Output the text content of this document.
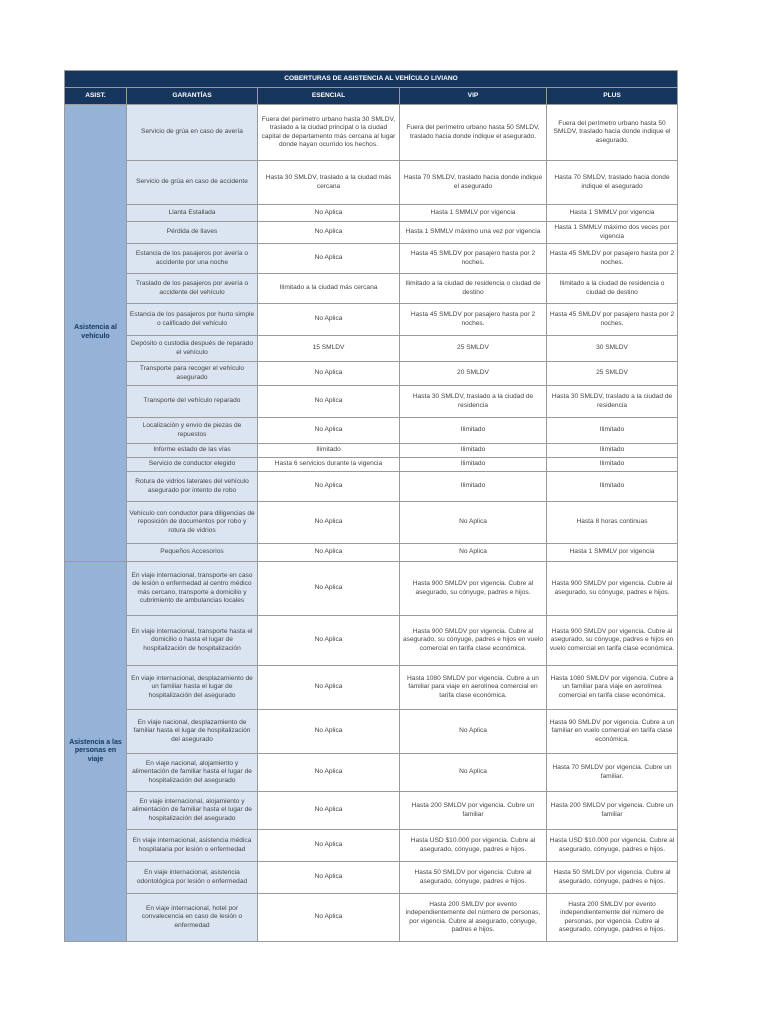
COBERTURAS DE ASISTENCIA AL VEHÍCULO LIVIANO				
ASIST.	GARANTÍAS	ESENCIAL	VIP	PLUS
Asistencia al vehículo	Servicio de grúa en caso de avería	Fuera del perímetro urbano hasta 30 SMLDV, traslado a la ciudad principal o la ciudad capital de departamento más cercana al lugar donde hayan ocurrido los hechos.	Fuera del perímetro urbano hasta 50 SMLDV, traslado hacia donde indique el asegurado.	Fuera del perímetro urbano hasta 50 SMLDV, traslado hacia donde indique el asegurado.
	Servicio de grúa en caso de accidente	Hasta 30 SMLDV, traslado a la ciudad más cercana	Hasta 70 SMLDV, traslado hacia donde indique el asegurado	Hasta 70 SMLDV, traslado hacia donde indique el asegurado
	Llanta Estallada	No Aplica	Hasta 1 SMMLV por vigencia	Hasta 1 SMMLV por vigencia
	Pérdida de llaves	No Aplica	Hasta 1 SMMLV máximo una vez por vigencia	Hasta 1 SMMLV máximo dos veces por vigencia
	Estancia de los pasajeros por avería o accidente por una noche	No Aplica	Hasta 45 SMLDV por pasajero hasta por 2 noches.	Hasta 45 SMLDV por pasajero hasta por 2 noches.
	Traslado de los pasajeros por avería o accidente del vehículo	Ilimitado a la ciudad más cercana	Ilimitado a la ciudad de residencia o ciudad de destino	Ilimitado a la ciudad de residencia o ciudad de destino
	Estancia de los pasajeros por hurto simple o calificado del vehículo	No Aplica	Hasta 45 SMLDV por pasajero hasta por 2 noches.	Hasta 45 SMLDV por pasajero hasta por 2 noches.
	Depósito o custodia después de reparado el vehículo	15 SMLDV	25 SMLDV	30 SMLDV
	Transporte para recoger el vehículo asegurado	No Aplica	20 SMLDV	25 SMLDV
	Transporte del vehículo reparado	No Aplica	Hasta 30 SMLDV, traslado a la ciudad de residencia	Hasta 30 SMLDV, traslado a la ciudad de residencia
	Localización y envío de piezas de repuestos	No Aplica	Ilimitado	Ilimitado
	Informe estado de las vías	Ilimitado	Ilimitado	Ilimitado
	Servicio de conductor elegido	Hasta 6 servicios durante la vigencia	Ilimitado	Ilimitado
	Rotura de vidrios laterales del vehículo asegurado por intento de robo	No Aplica	Ilimitado	Ilimitado
	Vehículo con conductor para diligencias de reposición de documentos por robo y rotura de vidrios	No Aplica	No Aplica	Hasta 8 horas continuas
	Pequeños Accesorios	No Aplica	No Aplica	Hasta 1 SMMLV por vigencia
Asistencia a las personas en viaje	En viaje internacional, transporte en caso de lesión o enfermedad al centro médico más cercano, transporte a domicilio y cubrimiento de ambulancias locales	No Aplica	Hasta 900 SMLDV por vigencia. Cubre al asegurado, su cónyuge, padres e hijos.	Hasta 900 SMLDV por vigencia. Cubre al asegurado, su cónyuge, padres e hijos.
	En viaje internacional, transporte hasta el domicilio o hasta el lugar de hospitalización de hospitalización	No Aplica	Hasta 900 SMLDV por vigencia. Cubre al asegurado, su cónyuge, padres e hijos en vuelo comercial en tarifa clase económica.	Hasta 900 SMLDV por vigencia. Cubre al asegurado, su cónyuge, padres e hijos en vuelo comercial en tarifa clase económica.
	En viaje internacional, desplazamiento de un familiar hasta el lugar de hospitalización del asegurado	No Aplica	Hasta 1080 SMLDV por vigencia. Cubre a un familiar para viaje en aerolínea comercial en tarifa clase económica.	Hasta 1080 SMLDV por vigencia. Cubre a un familiar para viaje en aerolínea comercial en tarifa clase económica.
	En viaje nacional, desplazamiento de familiar hasta el lugar de hospitalización del asegurado	No Aplica	No Aplica	Hasta 90 SMLDV por vigencia. Cubre a un familiar en vuelo comercial en tarifa clase económica.
	En viaje nacional, alojamiento y alimentación de familiar hasta el lugar de hospitalización del asegurado	No Aplica	No Aplica	Hasta 70 SMLDV por vigencia. Cubre un familiar.
	En viaje internacional, alojamiento y alimentación de familiar hasta el lugar de hospitalización del asegurado	No Aplica	Hasta 200 SMLDV por vigencia. Cubre un familiar	Hasta 200 SMLDV por vigencia. Cubre un familiar
	En viaje internacional, asistencia médica hospitalaria por lesión o enfermedad	No Aplica	Hasta USD $10.000 por vigencia. Cubre al asegurado, cónyuge, padres e hijos.	Hasta USD $10.000 por vigencia. Cubre al asegurado, cónyuge, padres e hijos.
	En viaje internacional, asistencia odontológica por lesión o enfermedad	No Aplica	Hasta 50 SMLDV por vigencia. Cubre al asegurado, cónyuge, padres e hijos.	Hasta 50 SMLDV por vigencia. Cubre al asegurado, cónyuge, padres e hijos.
	En viaje internacional, hotel por convalecencia en caso de lesión o enfermedad	No Aplica	Hasta 200 SMLDV por evento independientemente del número de personas, por vigencia. Cubre al asegurado, cónyuge, padres e hijos.	Hasta 200 SMLDV por evento independientemente del número de personas, por vigencia. Cubre al asegurado, cónyuge, padres e hijos.
